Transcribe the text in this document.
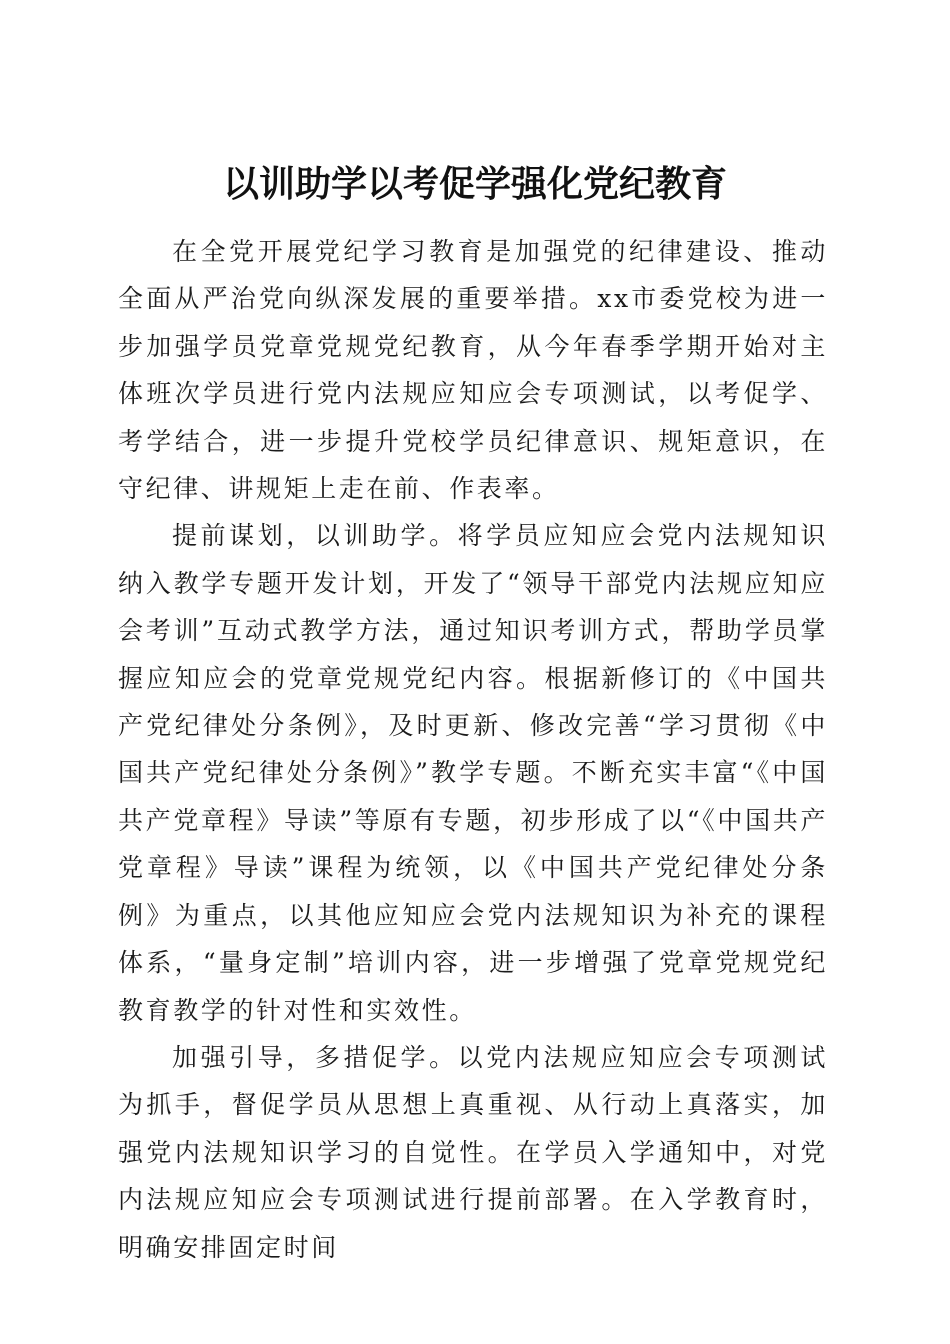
以训助学以考促学强化党纪教育

在全党开展党纪学习教育是加强党的纪律建设、推动全面从严治党向纵深发展的重要举措。xx市委党校为进一步加强学员党章党规党纪教育，从今年春季学期开始对主体班次学员进行党内法规应知应会专项测试，以考促学、考学结合，进一步提升党校学员纪律意识、规矩意识，在守纪律、讲规矩上走在前、作表率。

提前谋划，以训助学。将学员应知应会党内法规知识纳入教学专题开发计划，开发了“领导干部党内法规应知应会考训”互动式教学方法，通过知识考训方式，帮助学员掌握应知应会的党章党规党纪内容。根据新修订的《中国共产党纪律处分条例》，及时更新、修改完善“学习贯彻《中国共产党纪律处分条例》”教学专题。不断充实丰富“《中国共产党章程》导读”等原有专题，初步形成了以“《中国共产党章程》导读”课程为统领，以《中国共产党纪律处分条例》为重点，以其他应知应会党内法规知识为补充的课程体系，“量身定制”培训内容，进一步增强了党章党规党纪教育教学的针对性和实效性。

加强引导，多措促学。以党内法规应知应会专项测试为抓手，督促学员从思想上真重视、从行动上真落实，加强党内法规知识学习的自觉性。在学员入学通知中，对党内法规应知应会专项测试进行提前部署。在入学教育时，明确安排固定时间
